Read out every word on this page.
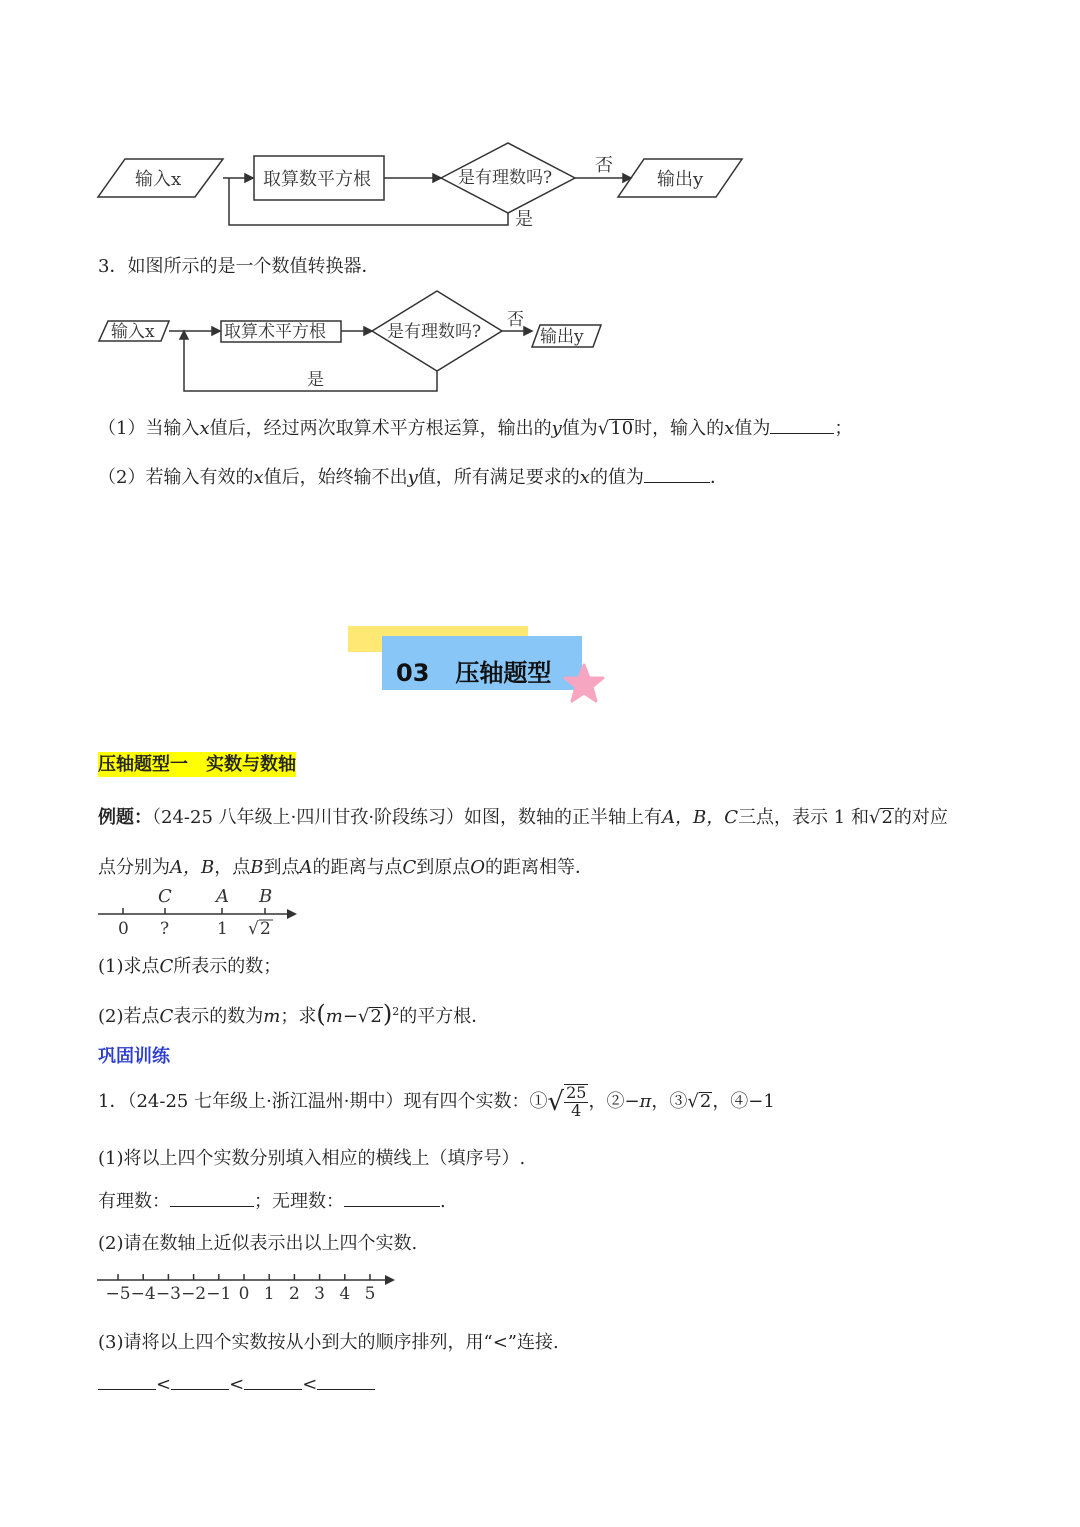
输入x	取算数平方根	是有理数吗?
否
是
输出y
3．如图所示的是一个数值转换器．
输入x	取算术平方根	是有理数吗?
否
是
输出y
（1）当输入x值后，经过两次取算术平方根运算，输出的y值为√10时，输入的x值为	；
（2）若输入有效的x值后，始终输不出y值，所有满足要求的x的值为	．
03 压轴题型
压轴题型一　实数与数轴
例题：（24-25 八年级上·四川甘孜·阶段练习）如图，数轴的正半轴上有A，B，C三点，表示 1 和√2的对应
点分别为A，B，点B到点A的距离与点C到原点O的距离相等．
C A B
0 ?	1 √ 2
(1)求点C所表示的数；
(2)若点C表示的数为m；求$(m-√2)^2$的平方根．
巩固训练
1．（24-25 七年级上·浙江温州·期中）现有四个实数：①√ $\frac{25}{4}$ ，②−π，③√2，④−1
(1)将以上四个实数分别填入相应的横线上（填序号）.
有理数：	；无理数：	.
(2)请在数轴上近似表示出以上四个实数.
−5 −4 −3 −2 −1 0 1 2 3 4 5
(3)请将以上四个实数按从小到大的顺序排列，用“<”连接.
<	<	<
